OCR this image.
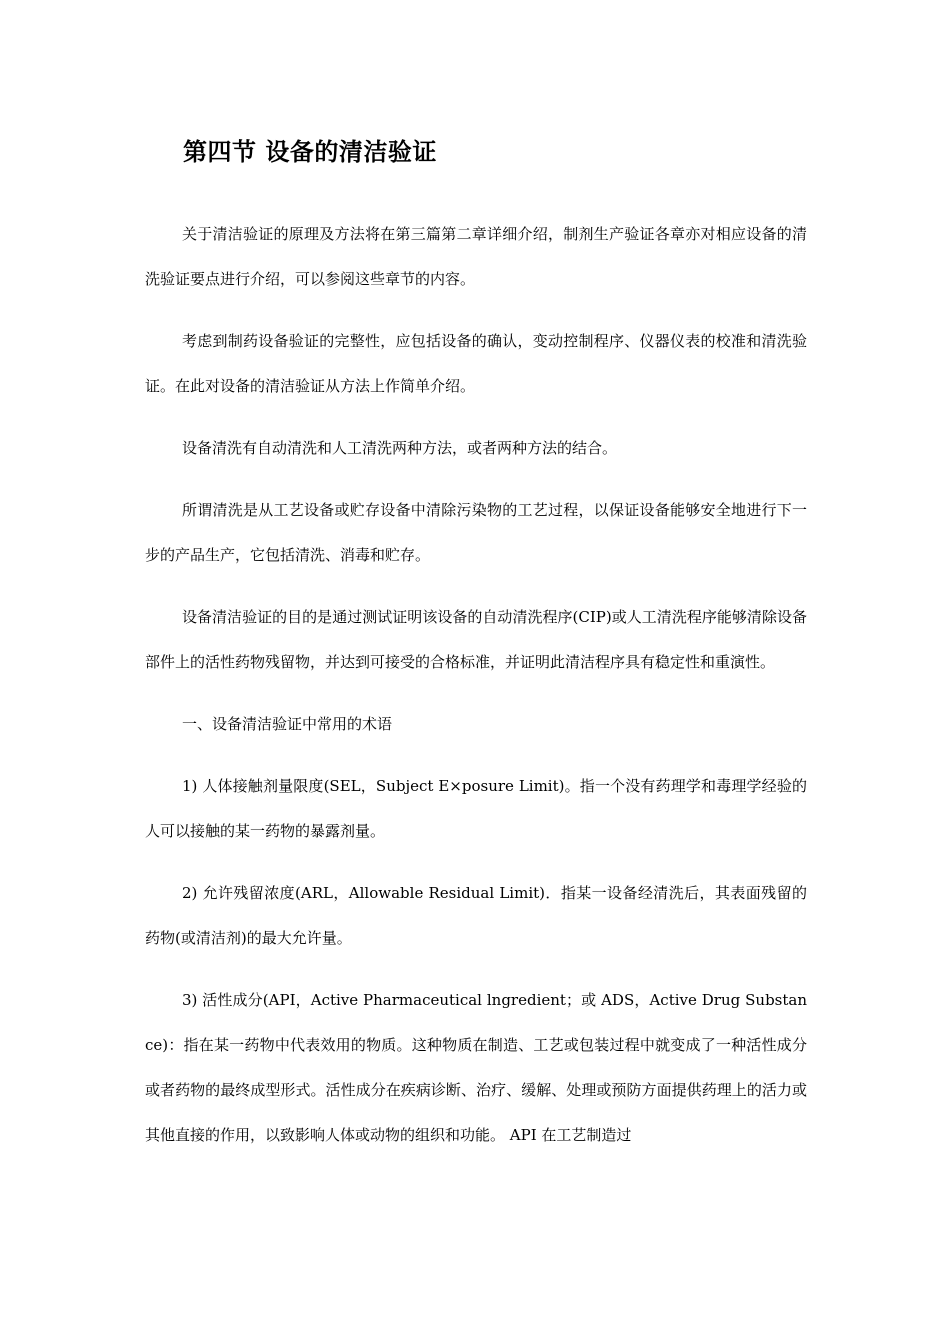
第四节 设备的清洁验证

关于清洁验证的原理及方法将在第三篇第二章详细介绍，制剂生产验证各章亦对相应设备的清洗验证要点进行介绍，可以参阅这些章节的内容。

考虑到制药设备验证的完整性，应包括设备的确认，变动控制程序、仪器仪表的校准和清洗验证。在此对设备的清洁验证从方法上作简单介绍。

设备清洗有自动清洗和人工清洗两种方法，或者两种方法的结合。

所谓清洗是从工艺设备或贮存设备中清除污染物的工艺过程，以保证设备能够安全地进行下一步的产品生产，它包括清洗、消毒和贮存。

设备清洁验证的目的是通过测试证明该设备的自动清洗程序(CIP)或人工清洗程序能够清除设备部件上的活性药物残留物，并达到可接受的合格标准，并证明此清洁程序具有稳定性和重演性。

一、设备清洁验证中常用的术语

1) 人体接触剂量限度(SEL，Subject E×posure Limit)。指一个没有药理学和毒理学经验的人可以接触的某一药物的暴露剂量。

2) 允许残留浓度(ARL，Allowable Residual Limit)．指某一设备经清洗后，其表面残留的药物(或清洁剂)的最大允许量。

3) 活性成分(API，Active Pharmaceutical lngredient；或 ADS，Active Drug Substance)：指在某一药物中代表效用的物质。这种物质在制造、工艺或包装过程中就变成了一种活性成分或者药物的最终成型形式。活性成分在疾病诊断、治疗、缓解、处理或预防方面提供药理上的活力或其他直接的作用，以致影响人体或动物的组织和功能。 API 在工艺制造过
